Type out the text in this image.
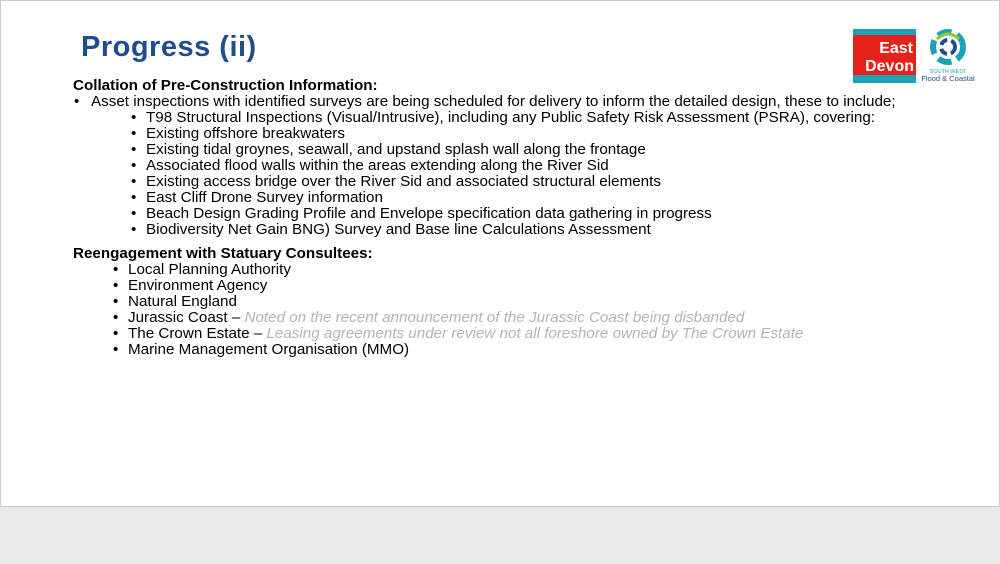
Progress (ii)	East
Devon	SOUTH WEST
Flood & Coastal

Collation of Pre-Construction Information:

• Asset inspections with identified surveys are being scheduled for delivery to inform the detailed design, these to include;
• T98 Structural Inspections (Visual/Intrusive), including any Public Safety Risk Assessment (PSRA), covering:
• Existing offshore breakwaters
• Existing tidal groynes, seawall, and upstand splash wall along the frontage
• Associated flood walls within the areas extending along the River Sid
• Existing access bridge over the River Sid and associated structural elements
• East Cliff Drone Survey information
• Beach Design Grading Profile and Envelope specification data gathering in progress
• Biodiversity Net Gain BNG) Survey and Base line Calculations Assessment

Reengagement with Statuary Consultees:

• Local Planning Authority
• Environment Agency
• Natural England
• Jurassic Coast – Noted on the recent announcement of the Jurassic Coast being disbanded
• The Crown Estate – Leasing agreements under review not all foreshore owned by The Crown Estate
• Marine Management Organisation (MMO)
